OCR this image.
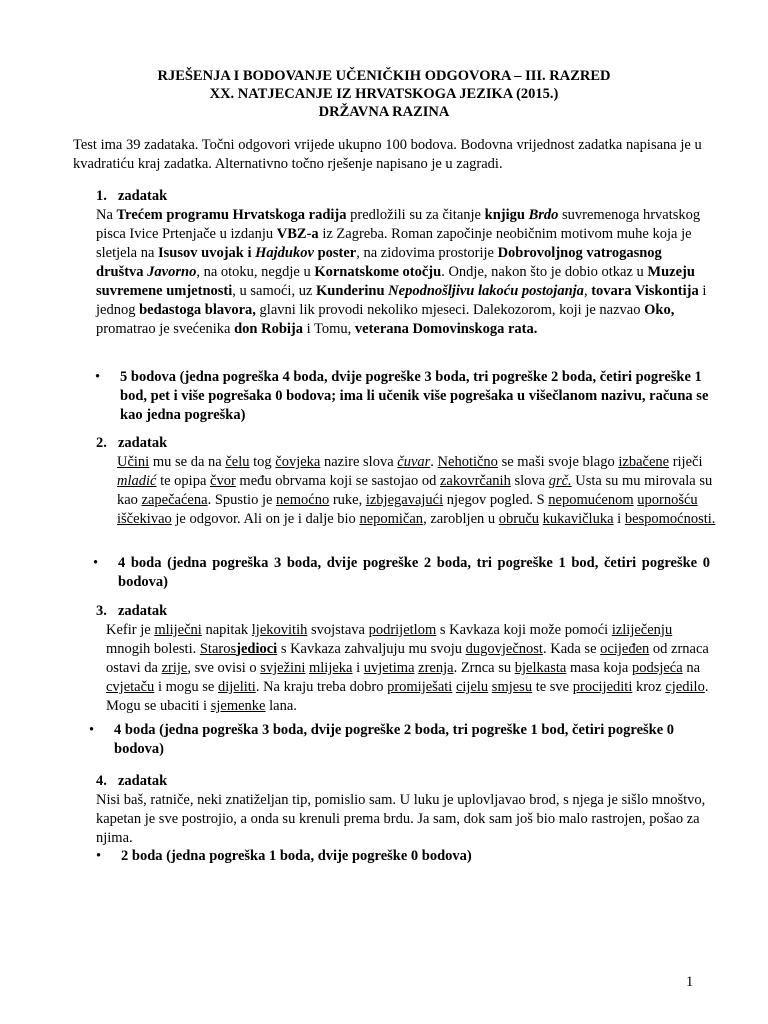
RJEŠENJA I BODOVANJE UČENIČKIH ODGOVORA – III. RAZRED
XX. NATJECANJE IZ HRVATSKOGA JEZIKA (2015.)
DRŽAVNA RAZINA
Test ima 39 zadataka. Točni odgovori vrijede ukupno 100 bodova. Bodovna vrijednost zadatka napisana je u kvadratiću kraj zadatka. Alternativno točno rješenje napisano je u zagradi.
1. zadatak
Na Trećem programu Hrvatskoga radija predložili su za čitanje knjigu Brdo suvremenoga hrvatskog pisca Ivice Prtenjače u izdanju VBZ-a iz Zagreba. Roman započinje neobičnim motivom muhe koja je sletjela na Isusov uvojak i Hajdukov poster, na zidovima prostorije Dobrovoljnog vatrogasnog društva Javorno, na otoku, negdje u Kornatskome otočju. Ondje, nakon što je dobio otkaz u Muzeju suvremene umjetnosti, u samoći, uz Kunderinu Nepodnošljivu lakoću postojanja, tovara Viskontija i jednog bedastoga blavora, glavni lik provodi nekoliko mjeseci. Dalekozorom, koji je nazvao Oko, promatrao je svećenika don Robija i Tomu, veterana Domovinskoga rata.
• 5 bodova (jedna pogreška 4 boda, dvije pogreške 3 boda, tri pogreške 2 boda, četiri pogreške 1 bod, pet i više pogrešaka 0 bodova; ima li učenik više pogrešaka u višečlanom nazivu, računa se kao jedna pogreška)
2. zadatak
Učini mu se da na čelu tog čovjeka nazire slova čuvar. Nehotično se maši svoje blago izbačene riječi mladić te opipa čvor među obrvama koji se sastojao od zakovrčanih slova grč. Usta su mu mirovala su kao zapečaćena. Spustio je nemoćno ruke, izbjegavajući njegov pogled. S nepomućenom upornošću iščekivao je odgovor. Ali on je i dalje bio nepomičan, zarobljen u obruču kukavičluka i bespomoćnosti.
• 4 boda (jedna pogreška 3 boda, dvije pogreške 2 boda, tri pogreške 1 bod, četiri pogreške 0 bodova)
3. zadatak
Kefir je mliječni napitak ljekovitih svojstava podrijetlom s Kavkaza koji može pomoći izliječenju mnogih bolesti. Starosjedioci s Kavkaza zahvaljuju mu svoju dugovječnost. Kada se ocijeđen od zrnaca ostavi da zrije, sve ovisi o svježini mlijeka i uvjetima zrenja. Zrnca su bjelkasta masa koja podsjeća na cvjetaču i mogu se dijeliti. Na kraju treba dobro promiješati cijelu smjesu te sve procijediti kroz cjedilo. Mogu se ubaciti i sjemenke lana.
• 4 boda (jedna pogreška 3 boda, dvije pogreške 2 boda, tri pogreške 1 bod, četiri pogreške 0 bodova)
4. zadatak
Nisi baš, ratniče, neki znatiželjan tip, pomislio sam. U luku je uplovljavao brod, s njega je sišlo mnoštvo, kapetan je sve postrojio, a onda su krenuli prema brdu. Ja sam, dok sam još bio malo rastrojen, pošao za njima.
• 2 boda (jedna pogreška 1 boda, dvije pogreške 0 bodova)
1
